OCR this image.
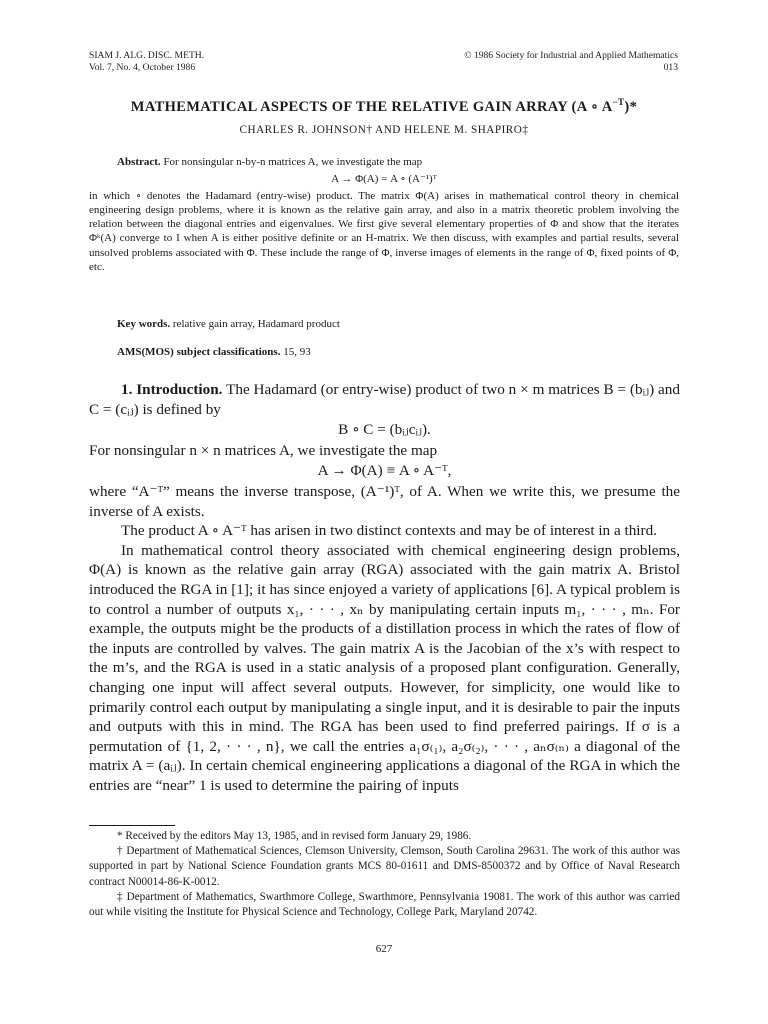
SIAM J. ALG. DISC. METH.
Vol. 7, No. 4, October 1986
© 1986 Society for Industrial and Applied Mathematics
013
MATHEMATICAL ASPECTS OF THE RELATIVE GAIN ARRAY (A ∘ $A^{-T})*$
CHARLES R. JOHNSON† AND HELENE M. SHAPIRO‡

Abstract. For nonsingular n-by-n matrices A, we investigate the map

A → Φ(A) = A ∘ (A⁻¹)ᵀ

in which ∘ denotes the Hadamard (entry-wise) product. The matrix Φ(A) arises in mathematical control theory in chemical engineering design problems, where it is known as the relative gain array, and also in a matrix theoretic problem involving the relation between the diagonal entries and eigenvalues. We first give several elementary properties of Φ and show that the iterates Φᵏ(A) converge to I when A is either positive definite or an H-matrix. We then discuss, with examples and partial results, several unsolved problems associated with Φ. These include the range of Φ, inverse images of elements in the range of Φ, fixed points of Φ, etc.

Key words. relative gain array, Hadamard product
AMS(MOS) subject classifications. 15, 93

1. Introduction. The Hadamard (or entry-wise) product of two n × m matrices B = (bᵢⱼ) and C = (cᵢⱼ) is defined by

B ∘ C = (bᵢⱼcᵢⱼ).

For nonsingular n × n matrices A, we investigate the map

A → Φ(A) ≡ A ∘ A⁻ᵀ,

where “A⁻ᵀ” means the inverse transpose, (A⁻¹)ᵀ, of A. When we write this, we presume the inverse of A exists.

The product A ∘ A⁻ᵀ has arisen in two distinct contexts and may be of interest in a third.

In mathematical control theory associated with chemical engineering design problems, Φ(A) is known as the relative gain array (RGA) associated with the gain matrix A. Bristol introduced the RGA in [1]; it has since enjoyed a variety of applications [6]. A typical problem is to control a number of outputs x₁, · · · , xₙ by manipulating certain inputs m₁, · · · , mₙ. For example, the outputs might be the products of a distillation process in which the rates of flow of the inputs are controlled by valves. The gain matrix A is the Jacobian of the x’s with respect to the m’s, and the RGA is used in a static analysis of a proposed plant configuration. Generally, changing one input will affect several outputs. However, for simplicity, one would like to primarily control each output by manipulating a single input, and it is desirable to pair the inputs and outputs with this in mind. The RGA has been used to find preferred pairings. If σ is a permutation of {1, 2, · · · , n}, we call the entries a₁σ₍₁₎, a₂σ₍₂₎, · · · , aₙσ₍ₙ₎ a diagonal of the matrix A = (aᵢⱼ). In certain chemical engineering applications a diagonal of the RGA in which the entries are “near” 1 is used to determine the pairing of inputs

* Received by the editors May 13, 1985, and in revised form January 29, 1986.

† Department of Mathematical Sciences, Clemson University, Clemson, South Carolina 29631. The work of this author was supported in part by National Science Foundation grants MCS 80-01611 and DMS-8500372 and by Office of Naval Research contract N00014-86-K-0012.

‡ Department of Mathematics, Swarthmore College, Swarthmore, Pennsylvania 19081. The work of this author was carried out while visiting the Institute for Physical Science and Technology, College Park, Maryland 20742.

627
